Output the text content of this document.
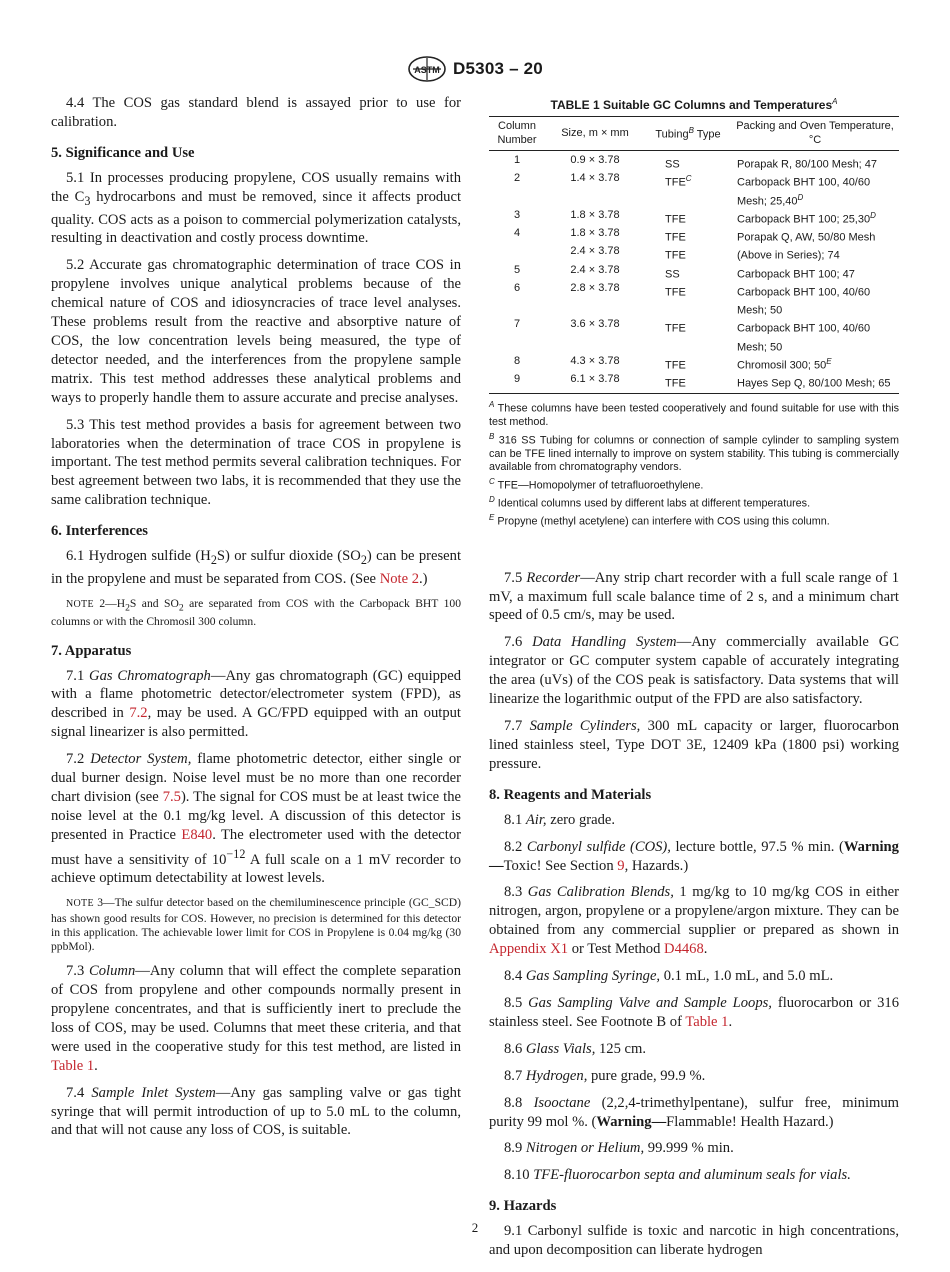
ASTM D5303 – 20

4.4 The COS gas standard blend is assayed prior to use for calibration.

5. Significance and Use

5.1 In processes producing propylene, COS usually remains with the $C_3$ hydrocarbons and must be removed, since it affects product quality. COS acts as a poison to commercial polymerization catalysts, resulting in deactivation and costly process downtime.

5.2 Accurate gas chromatographic determination of trace COS in propylene involves unique analytical problems because of the chemical nature of COS and idiosyncracies of trace level analyses. These problems result from the reactive and absorptive nature of COS, the low concentration levels being measured, the type of detector needed, and the interferences from the propylene sample matrix. This test method addresses these analytical problems and ways to properly handle them to assure accurate and precise analyses.

5.3 This test method provides a basis for agreement between two laboratories when the determination of trace COS in propylene is important. The test method permits several calibration techniques. For best agreement between two labs, it is recommended that they use the same calibration technique.

6. Interferences

6.1 Hydrogen sulfide $(H_2S)$ or sulfur dioxide $(SO_2)$ can be present in the propylene and must be separated from COS. (See Note 2.)

NOTE $2—H_2S$ and $SO_2$ are separated from COS with the Carbopack BHT 100 columns or with the Chromosil 300 column.

7. Apparatus

7.1 Gas Chromatograph—Any gas chromatograph (GC) equipped with a flame photometric detector/electrometer system (FPD), as described in 7.2, may be used. A GC/FPD equipped with an output signal linearizer is also permitted.

7.2 Detector System, flame photometric detector, either single or dual burner design. Noise level must be no more than one recorder chart division (see 7.5). The signal for COS must be at least twice the noise level at the 0.1 mg/kg level. A discussion of this detector is presented in Practice E840. The electrometer used with the detector must have a sensitivity of $10^{-12}$ A full scale on a 1 mV recorder to achieve optimum detectability at lowest levels.

NOTE 3—The sulfur detector based on the chemiluminescence principle (GC_SCD) has shown good results for COS. However, no precision is determined for this detector in this application. The achievable lower limit for COS in Propylene is 0.04 mg/kg (30 ppbMol).

7.3 Column—Any column that will effect the complete separation of COS from propylene and other compounds normally present in propylene concentrates, and that is sufficiently inert to preclude the loss of COS, may be used. Columns that meet these criteria, and that were used in the cooperative study for this test method, are listed in Table 1.

7.4 Sample Inlet System—Any gas sampling valve or gas tight syringe that will permit introduction of up to 5.0 mL to the column, and that will not cause any loss of COS, is suitable.

TABLE 1 Suitable GC Columns and Temperatures$^A$
Column Number	Size, m × mm	Tubing$^B$ Type	Packing and Oven Temperature, °C
1	0.9 × 3.78	SS	Porapak R, 80/100 Mesh; 47
2	1.4 × 3.78	$TFE^C$	Carbopack BHT 100, 40/60
			Mesh; $25,40^D$
3	1.8 × 3.78	TFE	Carbopack BHT 100; $25,30^D$
4	1.8 × 3.78	TFE	Porapak Q, AW, 50/80 Mesh
	2.4 × 3.78	TFE	(Above in Series); 74
5	2.4 × 3.78	SS	Carbopack BHT 100; 47
6	2.8 × 3.78	TFE	Carbopack BHT 100, 40/60
			Mesh; 50
7	3.6 × 3.78	TFE	Carbopack BHT 100, 40/60
			Mesh; 50
8	4.3 × 3.78	TFE	Chromosil 300; $50^E$
9	6.1 × 3.78	TFE	Hayes Sep Q, 80/100 Mesh; 65

$^A$ These columns have been tested cooperatively and found suitable for use with this test method.

$^B$ 316 SS Tubing for columns or connection of sample cylinder to sampling system can be TFE lined internally to improve on system stability. This tubing is commercially available from chromatography vendors.

$^C$ TFE—Homopolymer of tetrafluoroethylene.

$^D$ Identical columns used by different labs at different temperatures.

$^E$ Propyne (methyl acetylene) can interfere with COS using this column.

7.5 Recorder—Any strip chart recorder with a full scale range of 1 mV, a maximum full scale balance time of 2 s, and a minimum chart speed of 0.5 cm/s, may be used.

7.6 Data Handling System—Any commercially available GC integrator or GC computer system capable of accurately integrating the area (uVs) of the COS peak is satisfactory. Data systems that will linearize the logarithmic output of the FPD are also satisfactory.

7.7 Sample Cylinders, 300 mL capacity or larger, fluorocarbon lined stainless steel, Type DOT 3E, 12409 kPa (1800 psi) working pressure.

8. Reagents and Materials

8.1 Air, zero grade.

8.2 Carbonyl sulfide (COS), lecture bottle, 97.5 % min. (Warning—Toxic! See Section 9, Hazards.)

8.3 Gas Calibration Blends, 1 mg/kg to 10 mg/kg COS in either nitrogen, argon, propylene or a propylene/argon mixture. They can be obtained from any commercial supplier or prepared as shown in Appendix X1 or Test Method D4468.

8.4 Gas Sampling Syringe, 0.1 mL, 1.0 mL, and 5.0 mL.

8.5 Gas Sampling Valve and Sample Loops, fluorocarbon or 316 stainless steel. See Footnote B of Table 1.

8.6 Glass Vials, 125 cm.

8.7 Hydrogen, pure grade, 99.9 %.

8.8 Isooctane (2,2,4-trimethylpentane), sulfur free, minimum purity 99 mol %. (Warning—Flammable! Health Hazard.)

8.9 Nitrogen or Helium, 99.999 % min.

8.10 TFE-fluorocarbon septa and aluminum seals for vials.

9. Hazards

9.1 Carbonyl sulfide is toxic and narcotic in high concentrations, and upon decomposition can liberate hydrogen

2
